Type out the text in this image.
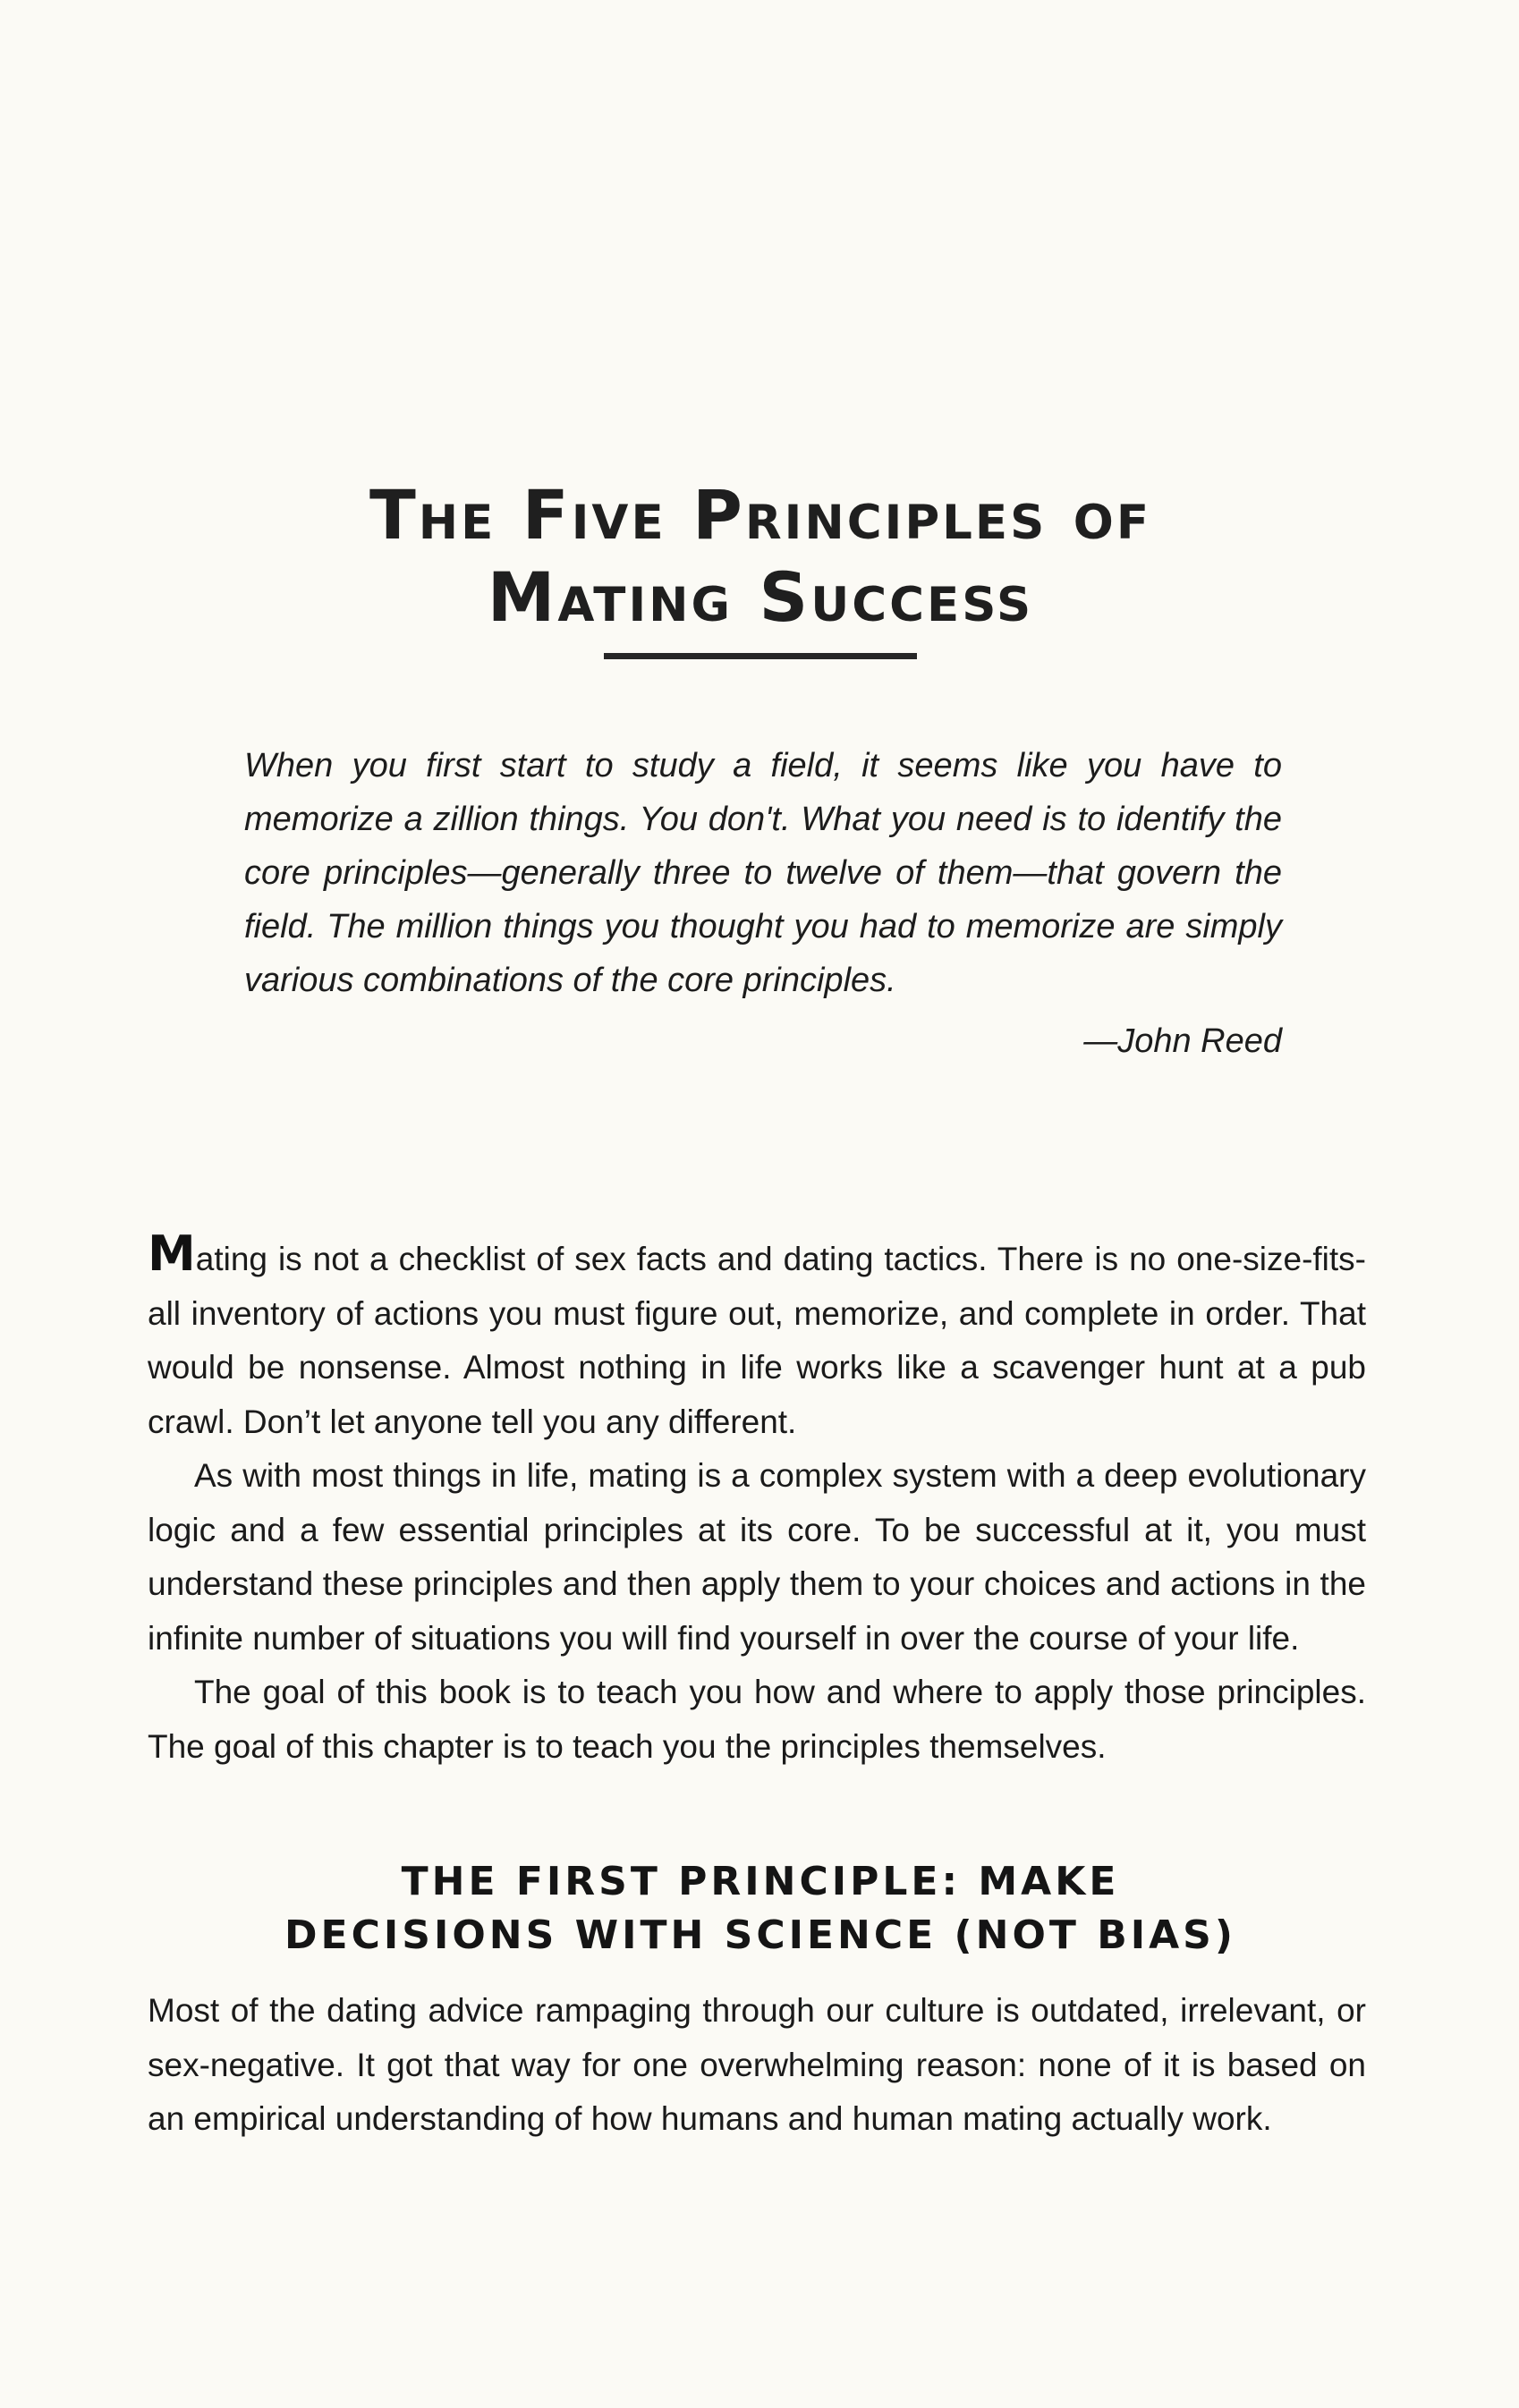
The Five Principles of
Mating Success
When you first start to study a field, it seems like you have to memorize a zillion things. You don't. What you need is to identify the core principles—generally three to twelve of them—that govern the field. The million things you thought you had to memorize are simply various combinations of the core principles.
—John Reed

Mating is not a checklist of sex facts and dating tactics. There is no one-size-fits-all inventory of actions you must figure out, memorize, and complete in order. That would be nonsense. Almost nothing in life works like a scavenger hunt at a pub crawl. Don’t let anyone tell you any different.

As with most things in life, mating is a complex system with a deep evolutionary logic and a few essential principles at its core. To be successful at it, you must understand these principles and then apply them to your choices and actions in the infinite number of situations you will find yourself in over the course of your life.

The goal of this book is to teach you how and where to apply those principles. The goal of this chapter is to teach you the principles themselves.

THE FIRST PRINCIPLE: MAKE
DECISIONS WITH SCIENCE (NOT BIAS)

Most of the dating advice rampaging through our culture is outdated, irrelevant, or sex-negative. It got that way for one overwhelming reason: none of it is based on an empirical understanding of how humans and human mating actually work.
